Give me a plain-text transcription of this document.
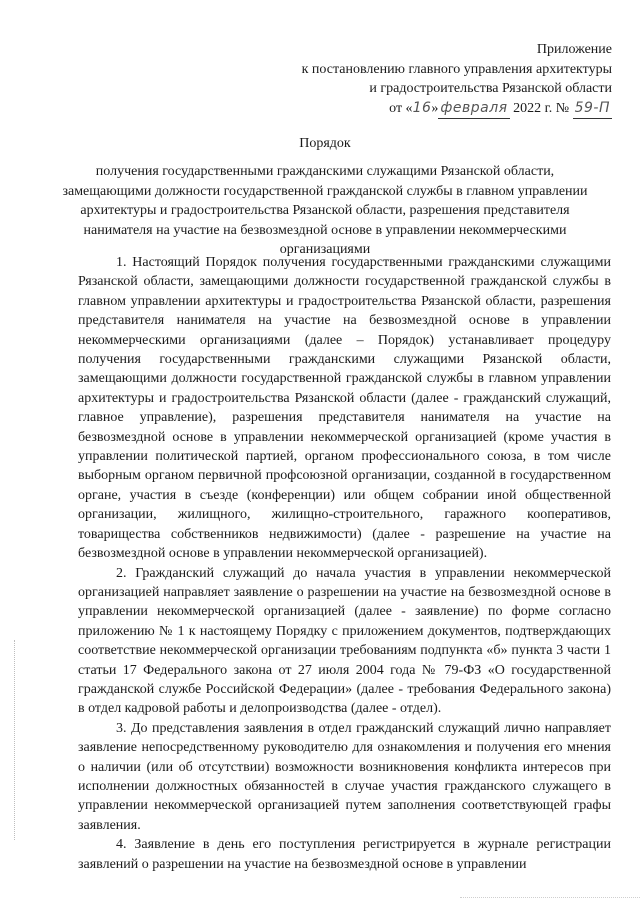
Приложение
к постановлению главного управления архитектуры
и градостроительства Рязанской области
от «16» февраля 2022 г. № 59-П
Порядок
получения государственными гражданскими служащими Рязанской области, замещающими должности государственной гражданской службы в главном управлении архитектуры и градостроительства Рязанской области, разрешения представителя нанимателя на участие на безвозмездной основе в управлении некоммерческими организациями

1. Настоящий Порядок получения государственными гражданскими служащими Рязанской области, замещающими должности государственной гражданской службы в главном управлении архитектуры и градостроительства Рязанской области, разрешения представителя нанимателя на участие на безвозмездной основе в управлении некоммерческими организациями (далее – Порядок) устанавливает процедуру получения государственными гражданскими служащими Рязанской области, замещающими должности государственной гражданской службы в главном управлении архитектуры и градостроительства Рязанской области (далее - гражданский служащий, главное управление), разрешения представителя нанимателя на участие на безвозмездной основе в управлении некоммерческой организацией (кроме участия в управлении политической партией, органом профессионального союза, в том числе выборным органом первичной профсоюзной организации, созданной в государственном органе, участия в съезде (конференции) или общем собрании иной общественной организации, жилищного, жилищно-строительного, гаражного кооперативов, товарищества собственников недвижимости) (далее - разрешение на участие на безвозмездной основе в управлении некоммерческой организацией).

2. Гражданский служащий до начала участия в управлении некоммерческой организацией направляет заявление о разрешении на участие на безвозмездной основе в управлении некоммерческой организацией (далее - заявление) по форме согласно приложению № 1 к настоящему Порядку с приложением документов, подтверждающих соответствие некоммерческой организации требованиям подпункта «б» пункта 3 части 1 статьи 17 Федерального закона от 27 июля 2004 года № 79-ФЗ «О государственной гражданской службе Российской Федерации» (далее - требования Федерального закона) в отдел кадровой работы и делопроизводства (далее - отдел).

3. До представления заявления в отдел гражданский служащий лично направляет заявление непосредственному руководителю для ознакомления и получения его мнения о наличии (или об отсутствии) возможности возникновения конфликта интересов при исполнении должностных обязанностей в случае участия гражданского служащего в управлении некоммерческой организацией путем заполнения соответствующей графы заявления.

4. Заявление в день его поступления регистрируется в журнале регистрации заявлений о разрешении на участие на безвозмездной основе в управлении
